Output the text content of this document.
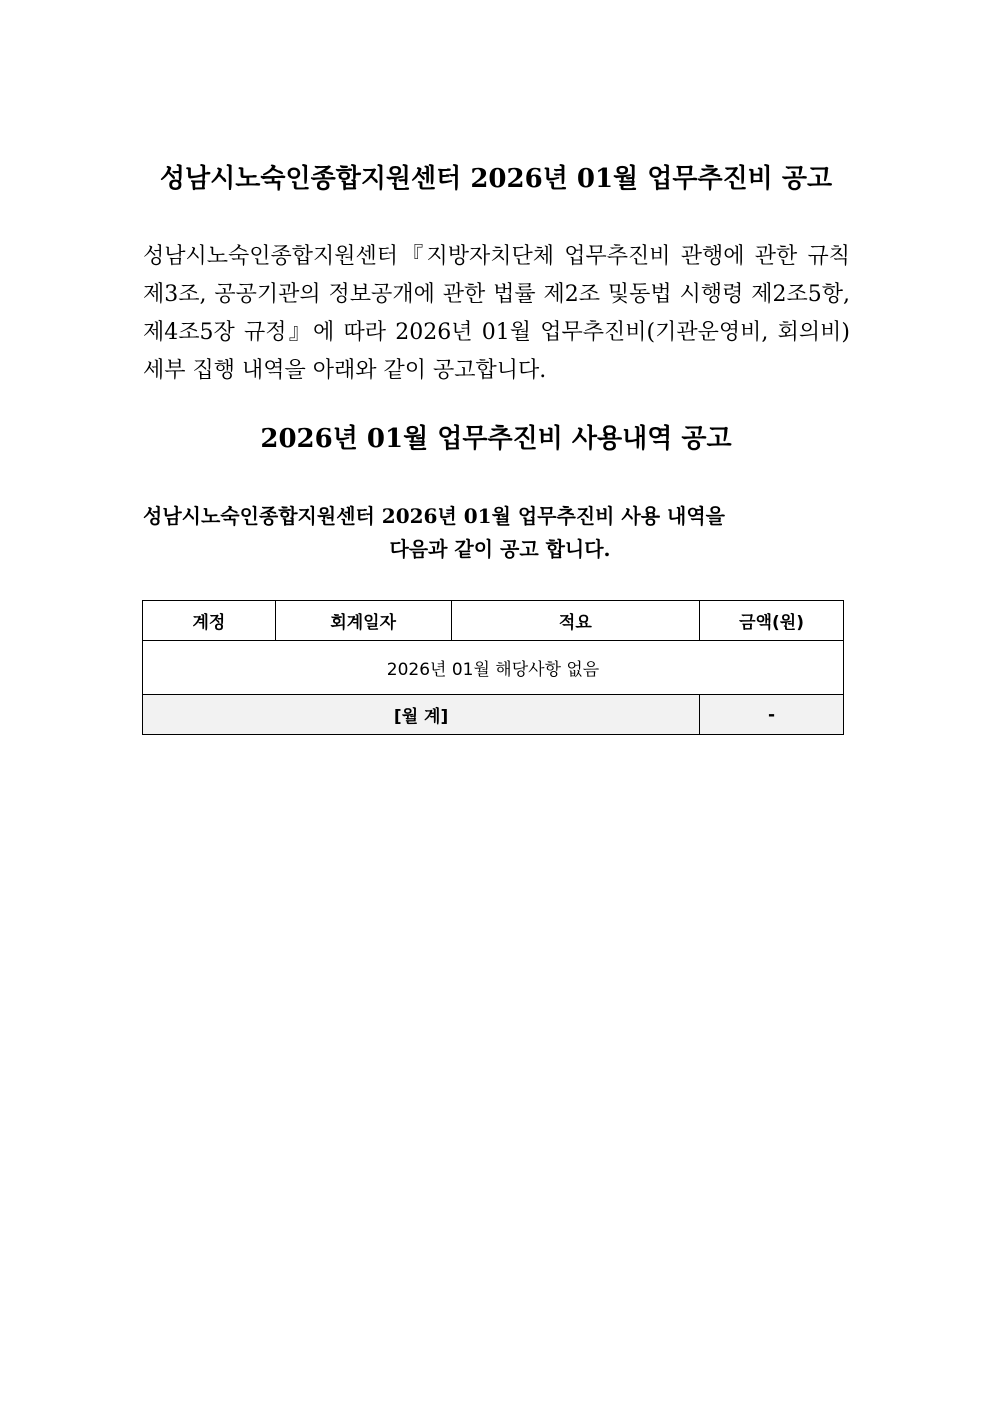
성남시노숙인종합지원센터 2026년 01월 업무추진비 공고

성남시노숙인종합지원센터『지방자치단체 업무추진비 관행에 관한 규칙 제3조, 공공기관의 정보공개에 관한 법률 제2조 및동법 시행령 제2조5항, 제4조5장 규정』에 따라 2026년 01월 업무추진비(기관운영비, 회의비) 세부 집행 내역을 아래와 같이 공고합니다.

2026년 01월 업무추진비 사용내역 공고

성남시노숙인종합지원센터 2026년 01월 업무추진비 사용 내역을

다음과 같이 공고 합니다.

계정	회계일자	적요	금액(원)
2026년 01월 해당사항 없음			
[월 계]			-
